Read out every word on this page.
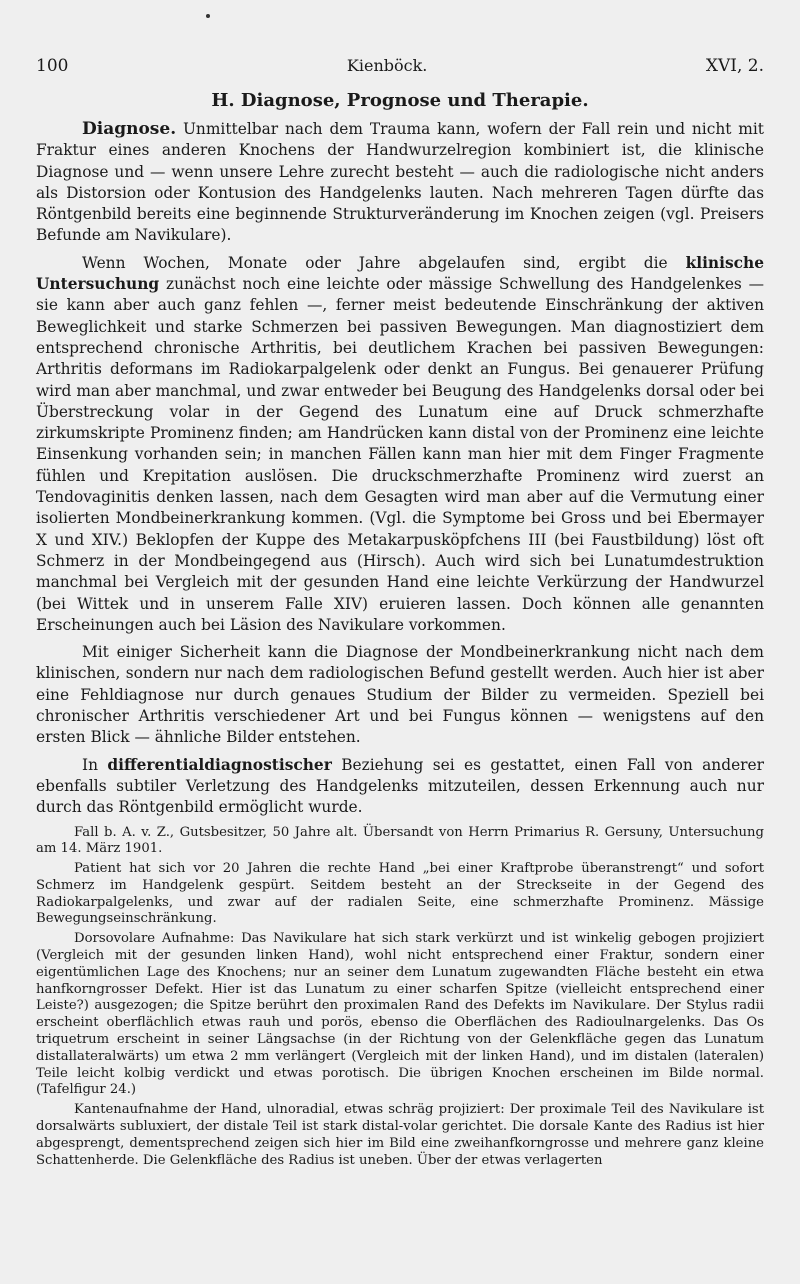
100	Kienböck.	XVI, 2.
H. Diagnose, Prognose und Therapie.

Diagnose. Unmittelbar nach dem Trauma kann, wofern der Fall rein und nicht mit Fraktur eines anderen Knochens der Handwurzelregion kombiniert ist, die klinische Diagnose und — wenn unsere Lehre zurecht besteht — auch die radiologische nicht anders als Distorsion oder Kontusion des Handgelenks lauten. Nach mehreren Tagen dürfte das Röntgenbild bereits eine beginnende Strukturveränderung im Knochen zeigen (vgl. Preisers Befunde am Navikulare).

Wenn Wochen, Monate oder Jahre abgelaufen sind, ergibt die klinische Untersuchung zunächst noch eine leichte oder mässige Schwellung des Handgelenkes — sie kann aber auch ganz fehlen —, ferner meist bedeutende Einschränkung der aktiven Beweglichkeit und starke Schmerzen bei passiven Bewegungen. Man diagnostiziert dem entsprechend chronische Arthritis, bei deutlichem Krachen bei passiven Bewegungen: Arthritis deformans im Radiokarpalgelenk oder denkt an Fungus. Bei genauerer Prüfung wird man aber manchmal, und zwar entweder bei Beugung des Handgelenks dorsal oder bei Überstreckung volar in der Gegend des Lunatum eine auf Druck schmerzhafte zirkumskripte Prominenz finden; am Handrücken kann distal von der Prominenz eine leichte Einsenkung vorhanden sein; in manchen Fällen kann man hier mit dem Finger Fragmente fühlen und Krepitation auslösen. Die druckschmerzhafte Prominenz wird zuerst an Tendovaginitis denken lassen, nach dem Gesagten wird man aber auf die Vermutung einer isolierten Mondbeinerkrankung kommen. (Vgl. die Symptome bei Gross und bei Ebermayer X und XIV.) Beklopfen der Kuppe des Metakarpusköpfchens III (bei Faustbildung) löst oft Schmerz in der Mondbeingegend aus (Hirsch). Auch wird sich bei Lunatumdestruktion manchmal bei Vergleich mit der gesunden Hand eine leichte Verkürzung der Handwurzel (bei Wittek und in unserem Falle XIV) eruieren lassen. Doch können alle genannten Erscheinungen auch bei Läsion des Navikulare vorkommen.

Mit einiger Sicherheit kann die Diagnose der Mondbeinerkrankung nicht nach dem klinischen, sondern nur nach dem radiologischen Befund gestellt werden. Auch hier ist aber eine Fehldiagnose nur durch genaues Studium der Bilder zu vermeiden. Speziell bei chronischer Arthritis verschiedener Art und bei Fungus können — wenigstens auf den ersten Blick — ähnliche Bilder entstehen.

In differentialdiagnostischer Beziehung sei es gestattet, einen Fall von anderer ebenfalls subtiler Verletzung des Handgelenks mitzuteilen, dessen Erkennung auch nur durch das Röntgenbild ermöglicht wurde.

Fall b. A. v. Z., Gutsbesitzer, 50 Jahre alt. Übersandt von Herrn Primarius R. Gersuny, Untersuchung am 14. März 1901.

Patient hat sich vor 20 Jahren die rechte Hand „bei einer Kraftprobe überanstrengt“ und sofort Schmerz im Handgelenk gespürt. Seitdem besteht an der Streckseite in der Gegend des Radiokarpalgelenks, und zwar auf der radialen Seite, eine schmerzhafte Prominenz. Mässige Bewegungseinschränkung.

Dorsovolare Aufnahme: Das Navikulare hat sich stark verkürzt und ist winkelig gebogen projiziert (Vergleich mit der gesunden linken Hand), wohl nicht entsprechend einer Fraktur, sondern einer eigentümlichen Lage des Knochens; nur an seiner dem Lunatum zugewandten Fläche besteht ein etwa hanfkorngrosser Defekt. Hier ist das Lunatum zu einer scharfen Spitze (vielleicht entsprechend einer Leiste?) ausgezogen; die Spitze berührt den proximalen Rand des Defekts im Navikulare. Der Stylus radii erscheint oberflächlich etwas rauh und porös, ebenso die Oberflächen des Radioulnargelenks. Das Os triquetrum erscheint in seiner Längsachse (in der Richtung von der Gelenkfläche gegen das Lunatum distallateralwärts) um etwa 2 mm verlängert (Vergleich mit der linken Hand), und im distalen (lateralen) Teile leicht kolbig verdickt und etwas porotisch. Die übrigen Knochen erscheinen im Bilde normal. (Tafelfigur 24.)

Kantenaufnahme der Hand, ulnoradial, etwas schräg projiziert: Der proximale Teil des Navikulare ist dorsalwärts subluxiert, der distale Teil ist stark distal-volar gerichtet. Die dorsale Kante des Radius ist hier abgesprengt, dementsprechend zeigen sich hier im Bild eine zweihanfkorngrosse und mehrere ganz kleine Schattenherde. Die Gelenkfläche des Radius ist uneben. Über der etwas verlagerten
